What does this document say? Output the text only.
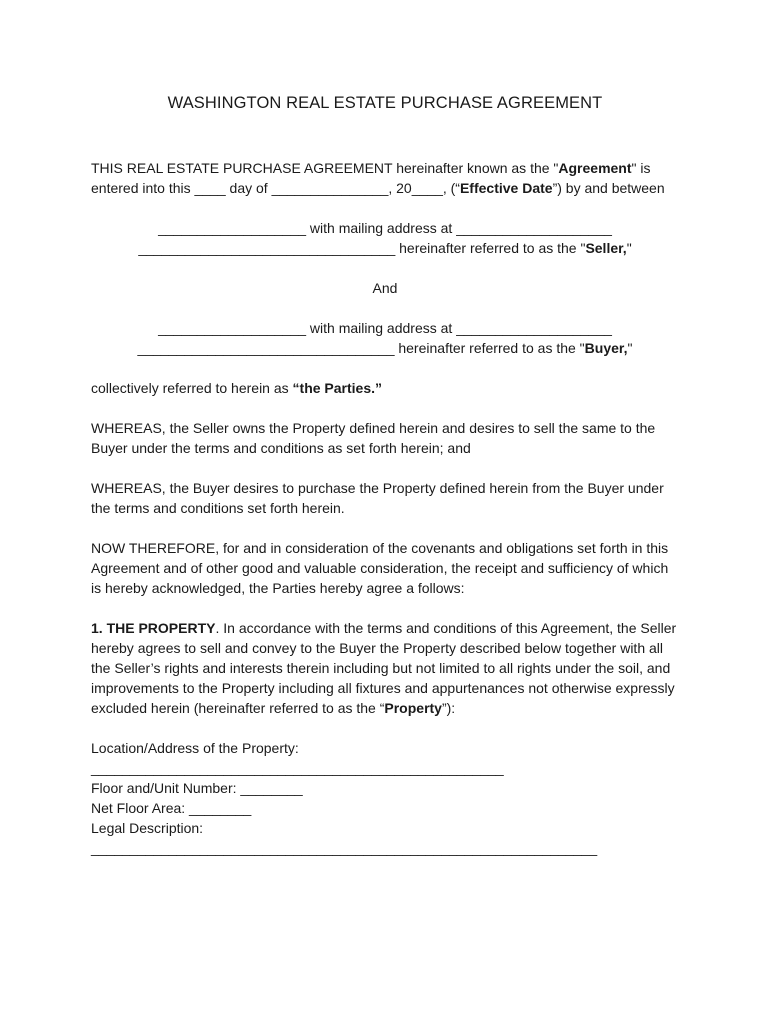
WASHINGTON REAL ESTATE PURCHASE AGREEMENT

THIS REAL ESTATE PURCHASE AGREEMENT hereinafter known as the "Agreement" is entered into this ____ day of _______________, 20____, (“Effective Date”) by and between

___________________ with mailing address at ____________________
_________________________________ hereinafter referred to as the "Seller,"
And
___________________ with mailing address at ____________________
_________________________________ hereinafter referred to as the "Buyer,"

collectively referred to herein as “the Parties.”

WHEREAS, the Seller owns the Property defined herein and desires to sell the same to the Buyer under the terms and conditions as set forth herein; and

WHEREAS, the Buyer desires to purchase the Property defined herein from the Buyer under the terms and conditions set forth herein.

NOW THEREFORE, for and in consideration of the covenants and obligations set forth in this Agreement and of other good and valuable consideration, the receipt and sufficiency of which is hereby acknowledged, the Parties hereby agree a follows:

1. THE PROPERTY. In accordance with the terms and conditions of this Agreement, the Seller hereby agrees to sell and convey to the Buyer the Property described below together with all the Seller’s rights and interests therein including but not limited to all rights under the soil, and improvements to the Property including all fixtures and appurtenances not otherwise expressly excluded herein (hereinafter referred to as the “Property”):

Location/Address of the Property:
_____________________________________________________
Floor and/Unit Number: ________
Net Floor Area: ________
Legal Description:
_________________________________________________________________
